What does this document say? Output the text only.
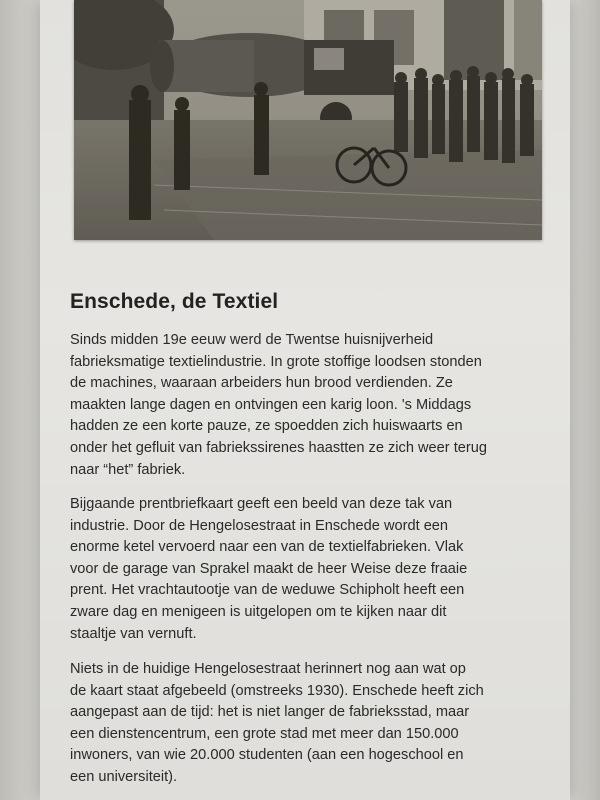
Enschede, de Textiel
Sinds midden 19e eeuw werd de Twentse huisnijverheid
fabrieksmatige textielindustrie. In grote stoffige loodsen stonden
de machines, waaraan arbeiders hun brood verdienden. Ze
maakten lange dagen en ontvingen een karig loon. 's Middags
hadden ze een korte pauze, ze spoedden zich huiswaarts en
onder het gefluit van fabriekssirenes haastten ze zich weer terug
naar “het” fabriek.
Bijgaande prentbriefkaart geeft een beeld van deze tak van
industrie. Door de Hengelosestraat in Enschede wordt een
enorme ketel vervoerd naar een van de textielfabrieken. Vlak
voor de garage van Sprakel maakt de heer Weise deze fraaie
prent. Het vrachtautootje van de weduwe Schipholt heeft een
zware dag en menigeen is uitgelopen om te kijken naar dit
staaltje van vernuft.
Niets in de huidige Hengelosestraat herinnert nog aan wat op
de kaart staat afgebeeld (omstreeks 1930). Enschede heeft zich
aangepast aan de tijd: het is niet langer de fabrieksstad, maar
een dienstencentrum, een grote stad met meer dan 150.000
inwoners, van wie 20.000 studenten (aan een hogeschool en
een universiteit).
